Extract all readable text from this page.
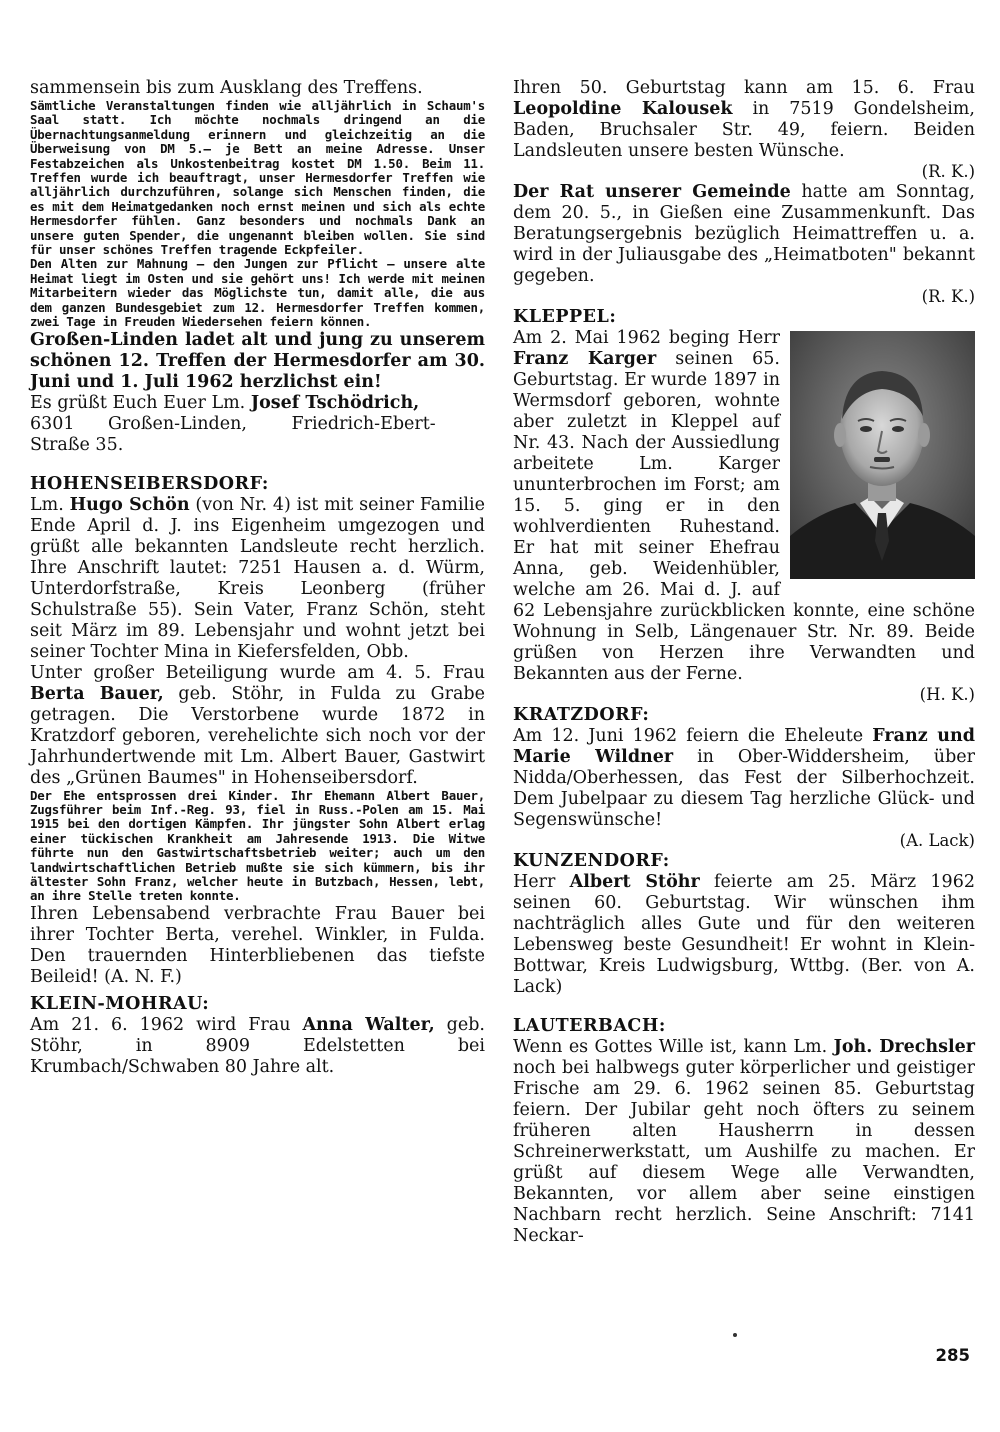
sammensein bis zum Ausklang des Treffens.

Sämtliche Veranstaltungen finden wie alljährlich in Schaum's Saal statt. Ich möchte nochmals dringend an die Übernachtungsanmeldung erinnern und gleichzeitig an die Überweisung von DM 5.— je Bett an meine Adresse. Unser Festabzeichen als Unkostenbeitrag kostet DM 1.50. Beim 11. Treffen wurde ich beauftragt, unser Hermesdorfer Treffen wie alljährlich durchzuführen, solange sich Menschen finden, die es mit dem Heimatgedanken noch ernst meinen und sich als echte Hermesdorfer fühlen. Ganz besonders und nochmals Dank an unsere guten Spender, die ungenannt bleiben wollen. Sie sind für unser schönes Treffen tragende Eckpfeiler.

Den Alten zur Mahnung — den Jungen zur Pflicht — unsere alte Heimat liegt im Osten und sie gehört uns! Ich werde mit meinen Mitarbeitern wieder das Möglichste tun, damit alle, die aus dem ganzen Bundesgebiet zum 12. Hermesdorfer Treffen kommen, zwei Tage in Freuden Wiedersehen feiern können.

Großen-Linden ladet alt und jung zu unserem schönen 12. Treffen der Hermesdorfer am 30. Juni und 1. Juli 1962 herzlichst ein!

Es grüßt Euch Euer Lm. Josef Tschödrich,
6301 Großen-Linden,	Friedrich-Ebert-
Straße 35.

HOHENSEIBERSDORF:

Lm. Hugo Schön (von Nr. 4) ist mit seiner Familie Ende April d. J. ins Eigenheim umgezogen und grüßt alle bekannten Landsleute recht herzlich. Ihre Anschrift lautet: 7251 Hausen a. d. Würm, Unterdorfstraße, Kreis Leonberg (früher Schulstraße 55). Sein Vater, Franz Schön, steht seit März im 89. Lebensjahr und wohnt jetzt bei seiner Tochter Mina in Kiefersfelden, Obb.

Unter großer Beteiligung wurde am 4. 5. Frau Berta Bauer, geb. Stöhr, in Fulda zu Grabe getragen. Die Verstorbene wurde 1872 in Kratzdorf geboren, verehelichte sich noch vor der Jahrhundertwende mit Lm. Albert Bauer, Gastwirt des „Grünen Baumes" in Hohenseibersdorf.

Der Ehe entsprossen drei Kinder. Ihr Ehemann Albert Bauer, Zugsführer beim Inf.-Reg. 93, fiel in Russ.-Polen am 15. Mai 1915 bei den dortigen Kämpfen. Ihr jüngster Sohn Albert erlag einer tückischen Krankheit am Jahresende 1913. Die Witwe führte nun den Gastwirtschaftsbetrieb weiter; auch um den landwirtschaftlichen Betrieb mußte sie sich kümmern, bis ihr ältester Sohn Franz, welcher heute in Butzbach, Hessen, lebt, an ihre Stelle treten konnte.

Ihren Lebensabend verbrachte Frau Bauer bei ihrer Tochter Berta, verehel. Winkler, in Fulda. Den trauernden Hinterbliebenen das tiefste Beileid! (A. N. F.)

KLEIN-MOHRAU:

Am 21. 6. 1962 wird Frau Anna Walter, geb. Stöhr, in 8909 Edelstetten bei Krumbach/Schwaben 80 Jahre alt.

Ihren 50. Geburtstag kann am 15. 6. Frau Leopoldine Kalousek in 7519 Gondelsheim, Baden, Bruchsaler Str. 49, feiern. Beiden Landsleuten unsere besten Wünsche.

(R. K.)

Der Rat unserer Gemeinde hatte am Sonntag, dem 20. 5., in Gießen eine Zusammenkunft. Das Beratungsergebnis bezüglich Heimattreffen u. a. wird in der Juliausgabe des „Heimatboten" bekannt gegeben.

(R. K.)

KLEPPEL:

Am 2. Mai 1962 beging Herr Franz Karger seinen 65. Geburtstag. Er wurde 1897 in Wermsdorf geboren, wohnte aber zuletzt in Kleppel auf Nr. 43. Nach der Aussiedlung arbeitete Lm. Karger ununterbrochen im Forst; am 15. 5. ging er in den wohlverdienten Ruhestand. Er hat mit seiner Ehefrau Anna, geb. Weidenhübler, welche am 26. Mai d. J. auf 62 Lebensjahre zurückblicken konnte, eine schöne Wohnung in Selb, Längenauer Str. Nr. 89. Beide grüßen von Herzen ihre Verwandten und Bekannten aus der Ferne.

(H. K.)

KRATZDORF:

Am 12. Juni 1962 feiern die Eheleute Franz und Marie Wildner in Ober-Widdersheim, über Nidda/Oberhessen, das Fest der Silberhochzeit. Dem Jubelpaar zu diesem Tag herzliche Glück- und Segenswünsche!

(A. Lack)

KUNZENDORF:

Herr Albert Stöhr feierte am 25. März 1962 seinen 60. Geburtstag. Wir wünschen ihm nachträglich alles Gute und für den weiteren Lebensweg beste Gesundheit! Er wohnt in Klein-Bottwar, Kreis Ludwigsburg, Wttbg. (Ber. von A. Lack)

LAUTERBACH:

Wenn es Gottes Wille ist, kann Lm. Joh. Drechsler noch bei halbwegs guter körperlicher und geistiger Frische am 29. 6. 1962 seinen 85. Geburtstag feiern. Der Jubilar geht noch öfters zu seinem früheren alten Hausherrn in dessen Schreinerwerkstatt, um Aushilfe zu machen. Er grüßt auf diesem Wege alle Verwandten, Bekannten, vor allem aber seine einstigen Nachbarn recht herzlich. Seine Anschrift: 7141 Neckar-

285
